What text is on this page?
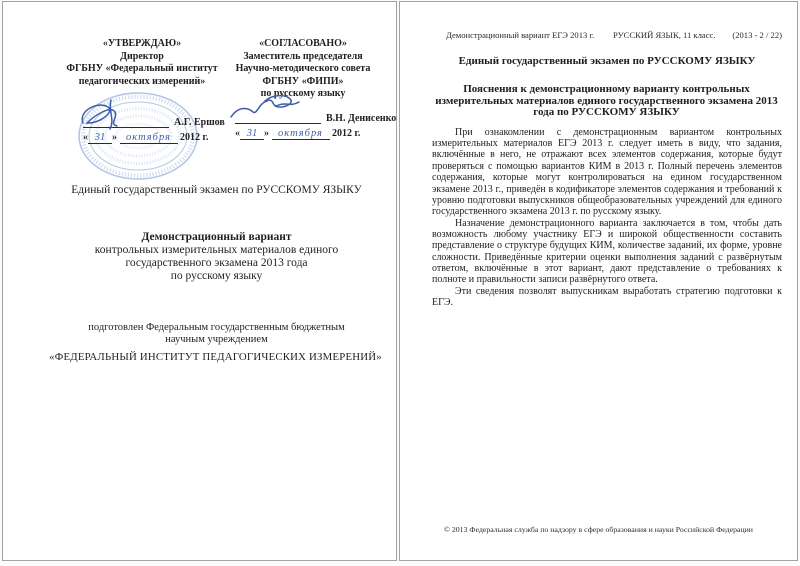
«УТВЕРЖДАЮ»
Директор
ФГБНУ «Федеральный институт
педагогических измерений»
«СОГЛАСОВАНО»
Заместитель председателя
Научно-методического совета
ФГБНУ «ФИПИ»
по русскому языку
А.Г. Ершов
« 31 » октября 2012 г.
В.Н. Денисенко
« 31 » октября 2012 г.
Единый государственный экзамен по РУССКОМУ ЯЗЫКУ
Демонстрационный вариант
контрольных измерительных материалов единого
государственного экзамена 2013 года
по русскому языку
подготовлен Федеральным государственным бюджетным
научным учреждением
«ФЕДЕРАЛЬНЫЙ ИНСТИТУТ ПЕДАГОГИЧЕСКИХ ИЗМЕРЕНИЙ»
Демонстрационный вариант ЕГЭ 2013 г. РУССКИЙ ЯЗЫК, 11 класс. (2013 - 2 / 22)
Единый государственный экзамен по РУССКОМУ ЯЗЫКУ
Пояснения к демонстрационному варианту контрольных измерительных материалов единого государственного экзамена 2013 года по РУССКОМУ ЯЗЫКУ

При ознакомлении с демонстрационным вариантом контрольных измерительных материалов ЕГЭ 2013 г. следует иметь в виду, что задания, включённые в него, не отражают всех элементов содержания, которые будут проверяться с помощью вариантов КИМ в 2013 г. Полный перечень элементов содержания, которые могут контролироваться на едином государственном экзамене 2013 г., приведён в кодификаторе элементов содержания и требований к уровню подготовки выпускников общеобразовательных учреждений для единого государственного экзамена 2013 г. по русскому языку.

Назначение демонстрационного варианта заключается в том, чтобы дать возможность любому участнику ЕГЭ и широкой общественности составить представление о структуре будущих КИМ, количестве заданий, их форме, уровне сложности. Приведённые критерии оценки выполнения заданий с развёрнутым ответом, включённые в этот вариант, дают представление о требованиях к полноте и правильности записи развёрнутого ответа.

Эти сведения позволят выпускникам выработать стратегию подготовки к ЕГЭ.

© 2013 Федеральная служба по надзору в сфере образования и науки Российской Федерации
